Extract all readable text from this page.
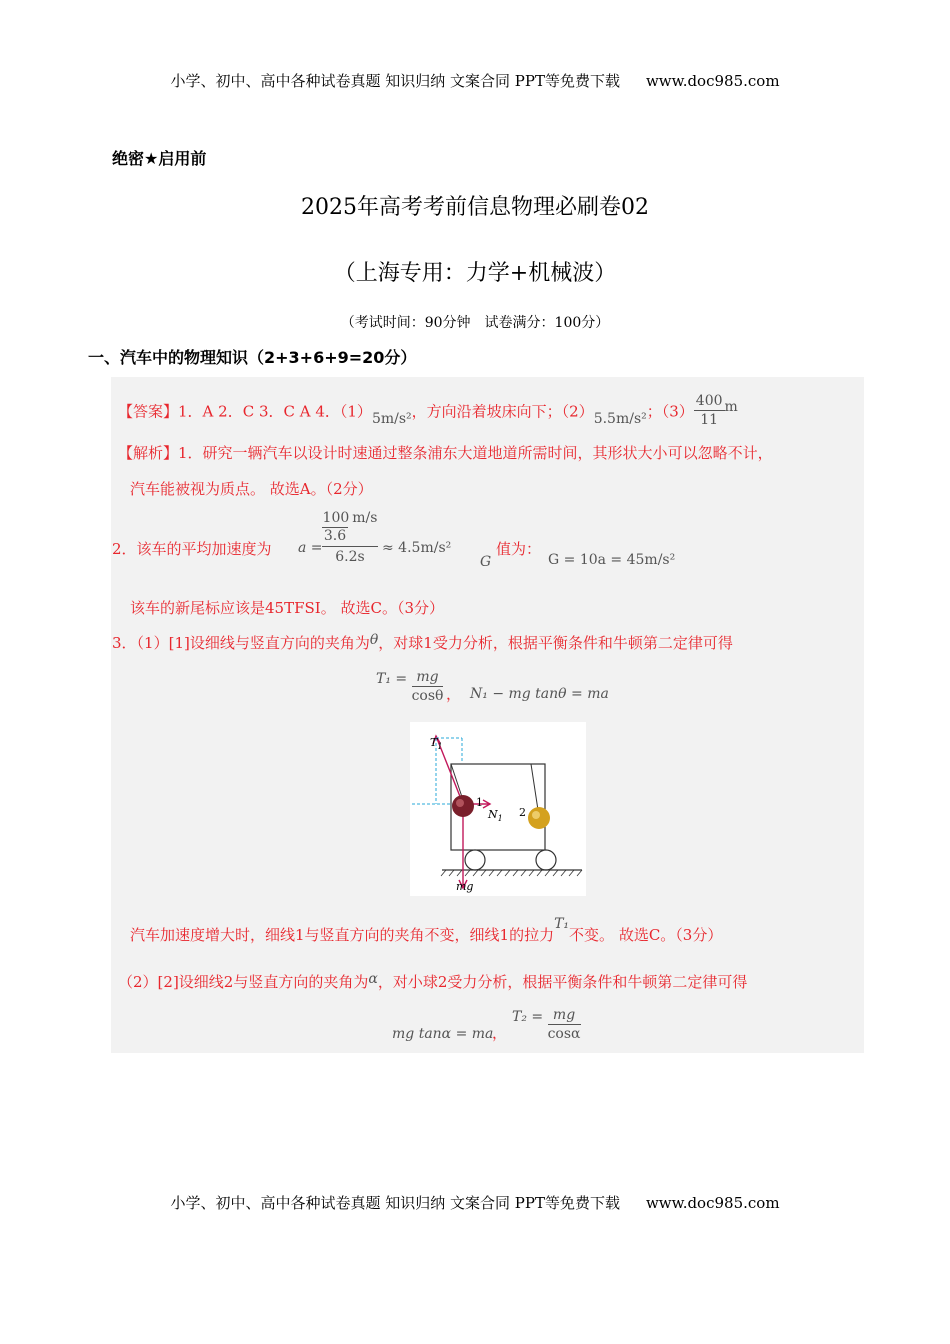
小学、初中、高中各种试卷真题 知识归纳 文案合同 PPT等免费下载 www.doc985.com
绝密★启用前
2025年高考考前信息物理必刷卷02
（上海专用：力学+机械波）
（考试时间：90分钟　试卷满分：100分）
一、汽车中的物理知识（2+3+6+9=20分）
【答案】1．A 2．C 3．C A 4．（1）5m/s²，方向沿着坡床向下；（2）5.5m/s²；$(3) \frac{400}{11}$ m
【解析】1．研究一辆汽车以设计时速通过整条浦东大道地道所需时间，其形状大小可以忽略不计，
汽车能被视为质点。 故选A。（2分）
2．该车的平均加速度为 a =
100 m/s
3.6
6.2s
≈ 4.5m/s²
G
值为：
G = 10a = 45m/s²
该车的新尾标应该是45TFSI。 故选C。（3分）
3．（1）[1]设细线与竖直方向的夹角为θ，对球1受力分析，根据平衡条件和牛顿第二定律可得
$T_1 = \frac{mg}{\cos\theta}$ ， N₁ − mg tanθ = ma
$T_1$
1
$N_1$ 2
mg
汽车加速度增大时，细线1与竖直方向的夹角不变，细线1的拉力T₁不变。 故选C。（3分）
（2）[2]设细线2与竖直方向的夹角为α，对小球2受力分析，根据平衡条件和牛顿第二定律可得
mg tanα = ma
，
$T_2 = \frac{mg}{\cos\alpha}$
小学、初中、高中各种试卷真题 知识归纳 文案合同 PPT等免费下载 www.doc985.com
